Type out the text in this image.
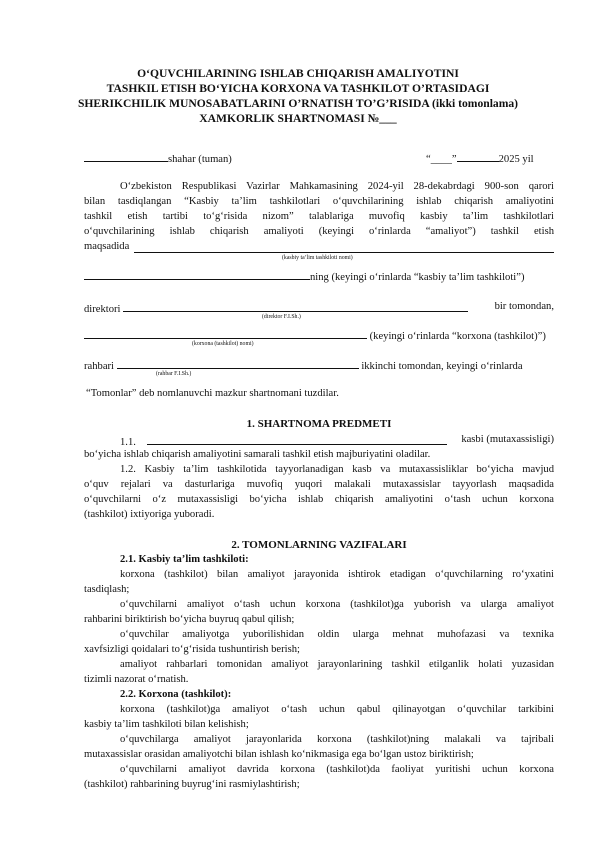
O‘QUVCHILARINING ISHLAB CHIQARISH AMALIYOTINI
TASHKIL ETISH BO‘YICHA KORXONA VA TASHKILOT O’RTASIDAGI
SHERIKCHILIK MUNOSABATLARINI O’RNATISH TO’G’RISIDA (ikki tomonlama)
XAMKORLIK SHARTNOMASI №___
shahar (tuman)	“____”	2025 yil
O‘zbekiston Respublikasi Vazirlar Mahkamasining 2024-yil 28-dekabrdagi 900-son qarori
bilan tasdiqlangan “Kasbiy ta’lim tashkilotlari o‘quvchilarining ishlab chiqarish amaliyotini
tashkil etish tartibi to‘g‘risida nizom” talablariga muvofiq kasbiy ta’lim tashkilotlari
o‘quvchilarining ishlab chiqarish amaliyoti (keyingi o‘rinlarda “amaliyot”) tashkil etish
maqsadida
(kasbiy ta’lim tashkiloti nomi)
ning (keyingi o‘rinlarda “kasbiy ta’lim tashkiloti”)
direktori	bir tomondan,
(direktor F.I.Sh.)
(keyingi o‘rinlarda “korxona (tashkilot)”)
(korxona (tashkilot) nomi)
rahbari	ikkinchi tomondan, keyingi o‘rinlarda
(rahbar F.I.Sh.)
“Tomonlar” deb nomlanuvchi mazkur shartnomani tuzdilar.
1. SHARTNOMA PREDMETI
1.1.	kasbi (mutaxassisligi)
bo‘yicha ishlab chiqarish amaliyotini samarali tashkil etish majburiyatini oladilar.
1.2. Kasbiy ta’lim tashkilotida tayyorlanadigan kasb va mutaxassisliklar bo‘yicha mavjud
o‘quv rejalari va dasturlariga muvofiq yuqori malakali mutaxassislar tayyorlash maqsadida
o‘quvchilarni o‘z mutaxassisligi bo‘yicha ishlab chiqarish amaliyotini o‘tash uchun korxona
(tashkilot) ixtiyoriga yuboradi.
2. TOMONLARNING VAZIFALARI
2.1. Kasbiy ta’lim tashkiloti:
korxona (tashkilot) bilan amaliyot jarayonida ishtirok etadigan o‘quvchilarning ro‘yxatini
tasdiqlash;
o‘quvchilarni amaliyot o‘tash uchun korxona (tashkilot)ga yuborish va ularga amaliyot
rahbarini biriktirish bo‘yicha buyruq qabul qilish;
o‘quvchilar amaliyotga yuborilishidan oldin ularga mehnat muhofazasi va texnika
xavfsizligi qoidalari to‘g‘risida tushuntirish berish;
amaliyot rahbarlari tomonidan amaliyot jarayonlarining tashkil etilganlik holati yuzasidan
tizimli nazorat o‘rnatish.
2.2. Korxona (tashkilot):
korxona (tashkilot)ga amaliyot o‘tash uchun qabul qilinayotgan o‘quvchilar tarkibini
kasbiy ta’lim tashkiloti bilan kelishish;
o‘quvchilarga amaliyot jarayonlarida korxona (tashkilot)ning malakali va tajribali
mutaxassislar orasidan amaliyotchi bilan ishlash ko‘nikmasiga ega bo‘lgan ustoz biriktirish;
o‘quvchilarni amaliyot davrida korxona (tashkilot)da faoliyat yuritishi uchun korxona
(tashkilot) rahbarining buyrug‘ini rasmiylashtirish;
